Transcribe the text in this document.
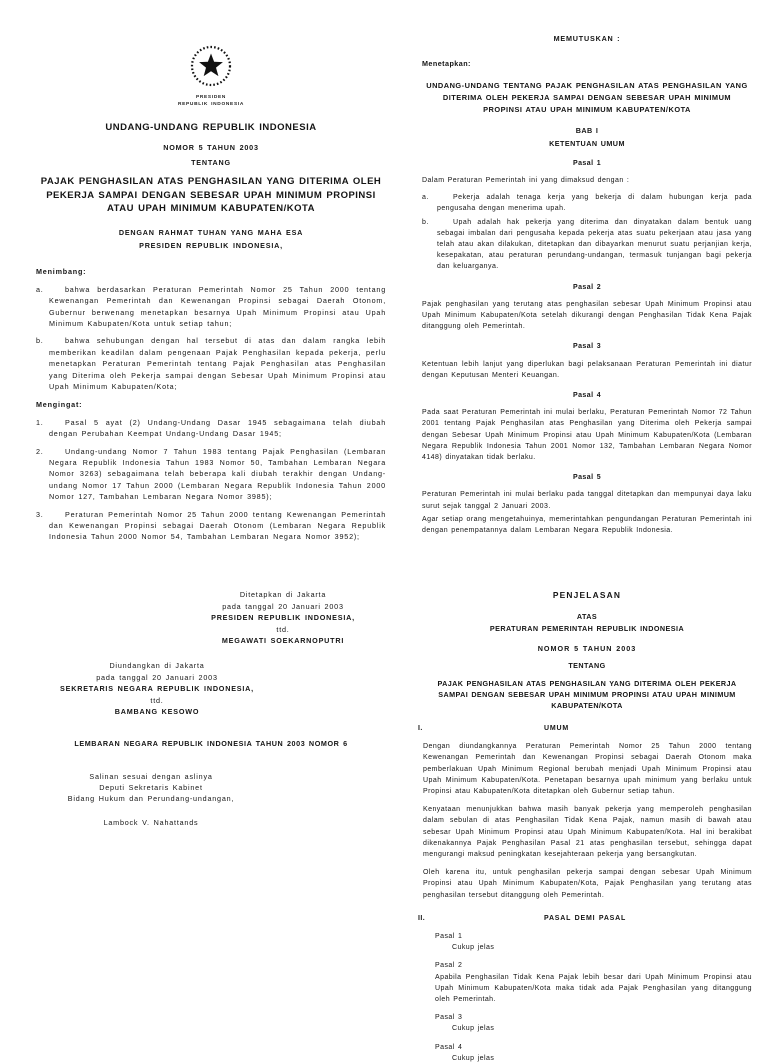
PRESIDEN
REPUBLIK INDONESIA
UNDANG-UNDANG REPUBLIK INDONESIA
NOMOR 5 TAHUN 2003
TENTANG
PAJAK PENGHASILAN ATAS PENGHASILAN YANG DITERIMA OLEH PEKERJA SAMPAI DENGAN SEBESAR UPAH MINIMUM PROPINSI ATAU UPAH MINIMUM KABUPATEN/KOTA
DENGAN RAHMAT TUHAN YANG MAHA ESA
PRESIDEN REPUBLIK INDONESIA,
Menimbang:
a.	bahwa berdasarkan Peraturan Pemerintah Nomor 25 Tahun 2000 tentang Kewenangan Pemerintah dan Kewenangan Propinsi sebagai Daerah Otonom, Gubernur berwenang menetapkan besarnya Upah Minimum Propinsi atau Upah Minimum Kabupaten/Kota untuk setiap tahun;

b.	bahwa sehubungan dengan hal tersebut di atas dan dalam rangka lebih memberikan keadilan dalam pengenaan Pajak Penghasilan kepada pekerja, perlu menetapkan Peraturan Pemerintah tentang Pajak Penghasilan atas Penghasilan yang Diterima oleh Pekerja sampai dengan Sebesar Upah Minimum Propinsi atau Upah Minimum Kabupaten/Kota;

Mengingat:
1.	Pasal 5 ayat (2) Undang-Undang Dasar 1945 sebagaimana telah diubah dengan Perubahan Keempat Undang-Undang Dasar 1945;

2.	Undang-undang Nomor 7 Tahun 1983 tentang Pajak Penghasilan (Lembaran Negara Republik Indonesia Tahun 1983 Nomor 50, Tambahan Lembaran Negara Nomor 3263) sebagaimana telah beberapa kali diubah terakhir dengan Undang-undang Nomor 17 Tahun 2000 (Lembaran Negara Republik Indonesia Tahun 2000 Nomor 127, Tambahan Lembaran Negara Nomor 3985);

3.	Peraturan Pemerintah Nomor 25 Tahun 2000 tentang Kewenangan Pemerintah dan Kewenangan Propinsi sebagai Daerah Otonom (Lembaran Negara Republik Indonesia Tahun 2000 Nomor 54, Tambahan Lembaran Negara Nomor 3952);

MEMUTUSKAN :
Menetapkan:
UNDANG-UNDANG TENTANG PAJAK PENGHASILAN ATAS PENGHASILAN YANG DITERIMA OLEH PEKERJA SAMPAI DENGAN SEBESAR UPAH MINIMUM PROPINSI ATAU UPAH MINIMUM KABUPATEN/KOTA
BAB I
KETENTUAN UMUM
Pasal 1

Dalam Peraturan Pemerintah ini yang dimaksud dengan :

a.	Pekerja adalah tenaga kerja yang bekerja di dalam hubungan kerja pada pengusaha dengan menerima upah.

b.	Upah adalah hak pekerja yang diterima dan dinyatakan dalam bentuk uang sebagai imbalan dari pengusaha kepada pekerja atas suatu pekerjaan atau jasa yang telah atau akan dilakukan, ditetapkan dan dibayarkan menurut suatu perjanjian kerja, kesepakatan, atau peraturan perundang-undangan, termasuk tunjangan bagi pekerja dan keluarganya.

Pasal 2

Pajak penghasilan yang terutang atas penghasilan sebesar Upah Minimum Propinsi atau Upah Minimum Kabupaten/Kota setelah dikurangi dengan Penghasilan Tidak Kena Pajak ditanggung oleh Pemerintah.

Pasal 3

Ketentuan lebih lanjut yang diperlukan bagi pelaksanaan Peraturan Pemerintah ini diatur dengan Keputusan Menteri Keuangan.

Pasal 4

Pada saat Peraturan Pemerintah ini mulai berlaku, Peraturan Pemerintah Nomor 72 Tahun 2001 tentang Pajak Penghasilan atas Penghasilan yang Diterima oleh Pekerja sampai dengan Sebesar Upah Minimum Propinsi atau Upah Minimum Kabupaten/Kota (Lembaran Negara Republik Indonesia Tahun 2001 Nomor 132, Tambahan Lembaran Negara Nomor 4148) dinyatakan tidak berlaku.

Pasal 5

Peraturan Pemerintah ini mulai berlaku pada tanggal ditetapkan dan mempunyai daya laku surut sejak tanggal 2 Januari 2003.

Agar setiap orang mengetahuinya, memerintahkan pengundangan Peraturan Pemerintah ini dengan penempatannya dalam Lembaran Negara Republik Indonesia.

Ditetapkan di Jakarta
pada tanggal 20 Januari 2003
PRESIDEN REPUBLIK INDONESIA,
ttd.
MEGAWATI SOEKARNOPUTRI
Diundangkan di Jakarta
pada tanggal 20 Januari 2003
SEKRETARIS NEGARA REPUBLIK INDONESIA,
ttd.
BAMBANG KESOWO
LEMBARAN NEGARA REPUBLIK INDONESIA TAHUN 2003 NOMOR 6
Salinan sesuai dengan aslinya
Deputi Sekretaris Kabinet
Bidang Hukum dan Perundang-undangan,
Lambock V. Nahattands
PENJELASAN
ATAS
PERATURAN PEMERINTAH REPUBLIK INDONESIA
NOMOR 5 TAHUN 2003
TENTANG
PAJAK PENGHASILAN ATAS PENGHASILAN YANG DITERIMA OLEH PEKERJA SAMPAI DENGAN SEBESAR UPAH MINIMUM PROPINSI ATAU UPAH MINIMUM KABUPATEN/KOTA
I.	UMUM

Dengan diundangkannya Peraturan Pemerintah Nomor 25 Tahun 2000 tentang Kewenangan Pemerintah dan Kewenangan Propinsi sebagai Daerah Otonom maka pemberlakuan Upah Minimum Regional berubah menjadi Upah Minimum Propinsi atau Upah Minimum Kabupaten/Kota. Penetapan besarnya upah minimum yang berlaku untuk Propinsi atau Kabupaten/Kota ditetapkan oleh Gubernur setiap tahun.

Kenyataan menunjukkan bahwa masih banyak pekerja yang memperoleh penghasilan dalam sebulan di atas Penghasilan Tidak Kena Pajak, namun masih di bawah atau sebesar Upah Minimum Propinsi atau Upah Minimum Kabupaten/Kota. Hal ini berakibat dikenakannya Pajak Penghasilan Pasal 21 atas penghasilan tersebut, sehingga dapat mengurangi maksud peningkatan kesejahteraan pekerja yang bersangkutan.

Oleh karena itu, untuk penghasilan pekerja sampai dengan sebesar Upah Minimum Propinsi atau Upah Minimum Kabupaten/Kota, Pajak Penghasilan yang terutang atas penghasilan tersebut ditanggung oleh Pemerintah.

II.	PASAL DEMI PASAL
Pasal 1
Cukup jelas
Pasal 2
Apabila Penghasilan Tidak Kena Pajak lebih besar dari Upah Minimum Propinsi atau Upah Minimum Kabupaten/Kota maka tidak ada Pajak Penghasilan yang ditanggung oleh Pemerintah.
Pasal 3
Cukup jelas
Pasal 4
Cukup jelas
